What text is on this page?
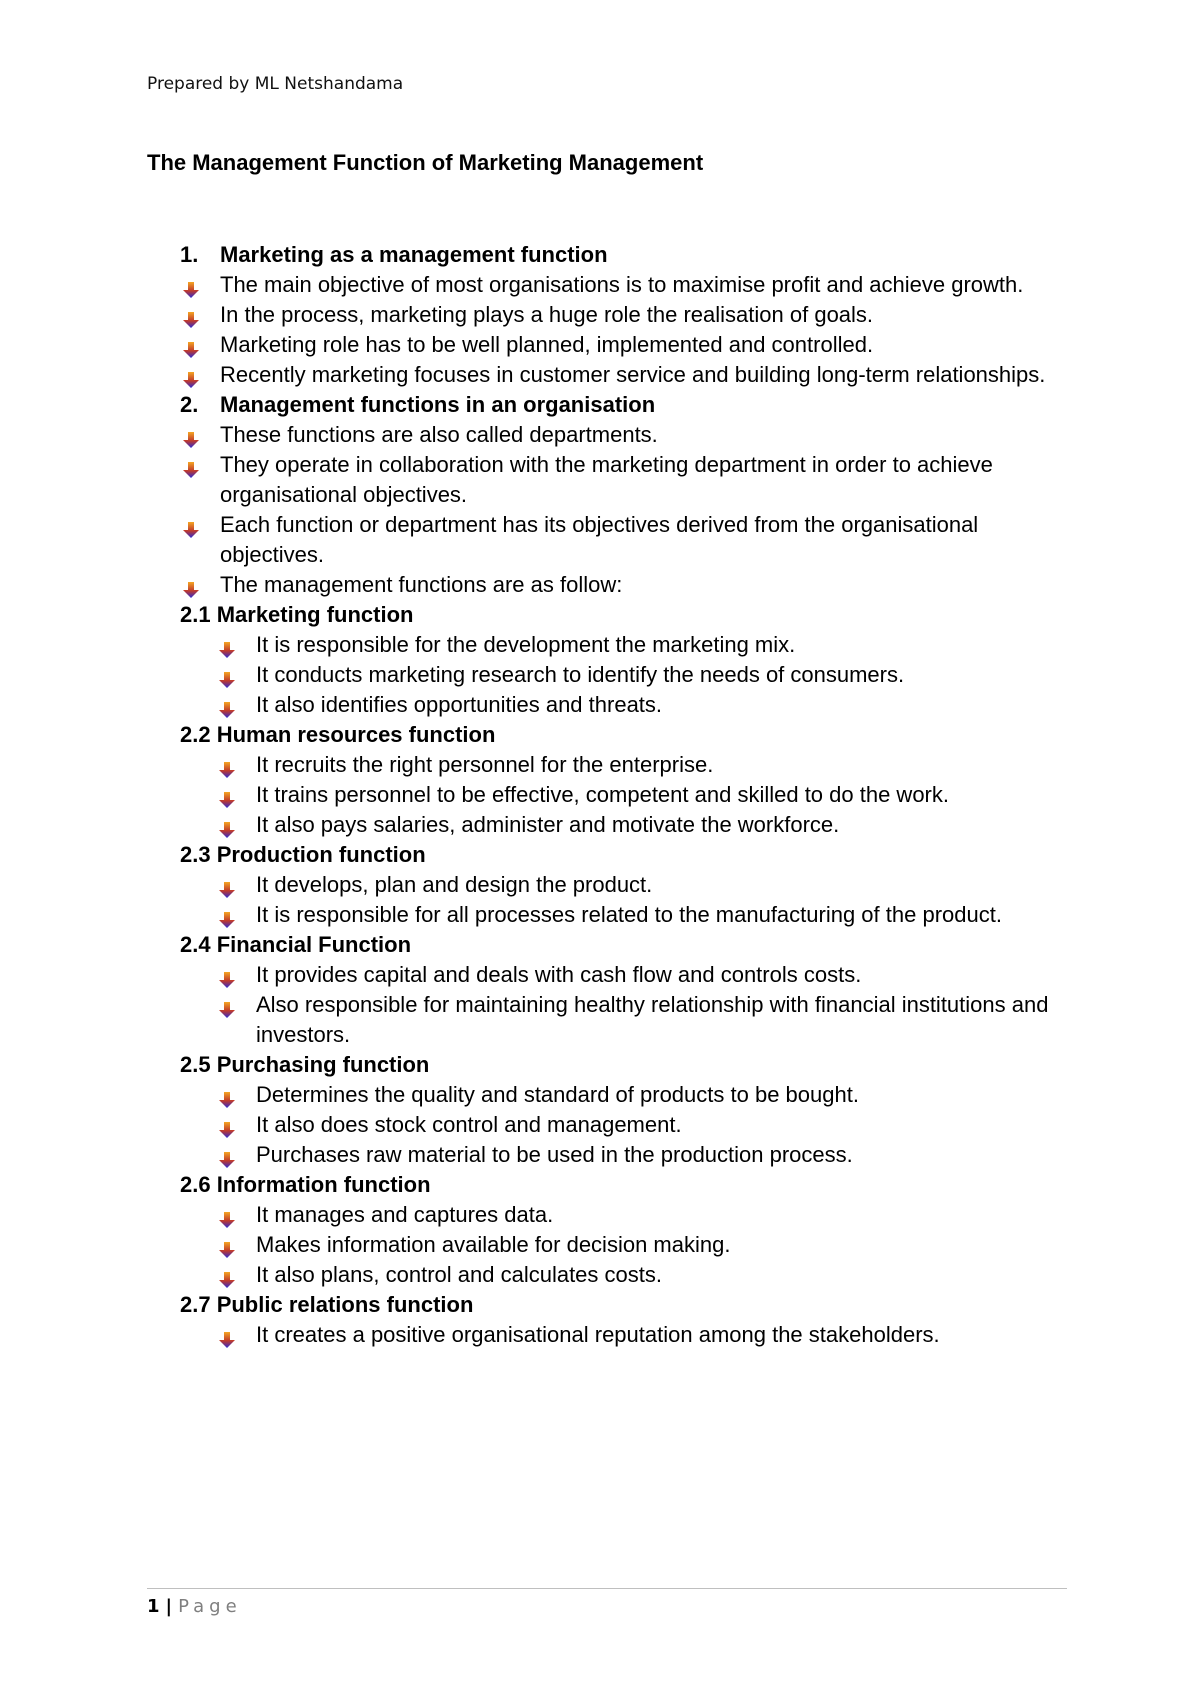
Prepared by ML Netshandama
The Management Function of Marketing Management
1. Marketing as a management function
The main objective of most organisations is to maximise profit and achieve growth.
In the process, marketing plays a huge role the realisation of goals.
Marketing role has to be well planned, implemented and controlled.
Recently marketing focuses in customer service and building long-term relationships.
2. Management functions in an organisation
These functions are also called departments.
They operate in collaboration with the marketing department in order to achieve organisational objectives.
Each function or department has its objectives derived from the organisational objectives.
The management functions are as follow:
2.1 Marketing function
It is responsible for the development the marketing mix.
It conducts marketing research to identify the needs of consumers.
It also identifies opportunities and threats.
2.2 Human resources function
It recruits the right personnel for the enterprise.
It trains personnel to be effective, competent and skilled to do the work.
It also pays salaries, administer and motivate the workforce.
2.3 Production function
It develops, plan and design the product.
It is responsible for all processes related to the manufacturing of the product.
2.4 Financial Function
It provides capital and deals with cash flow and controls costs.
Also responsible for maintaining healthy relationship with financial institutions and investors.
2.5 Purchasing function
Determines the quality and standard of products to be bought.
It also does stock control and management.
Purchases raw material to be used in the production process.
2.6 Information function
It manages and captures data.
Makes information available for decision making.
It also plans, control and calculates costs.
2.7 Public relations function
It creates a positive organisational reputation among the stakeholders.
1 | Page
